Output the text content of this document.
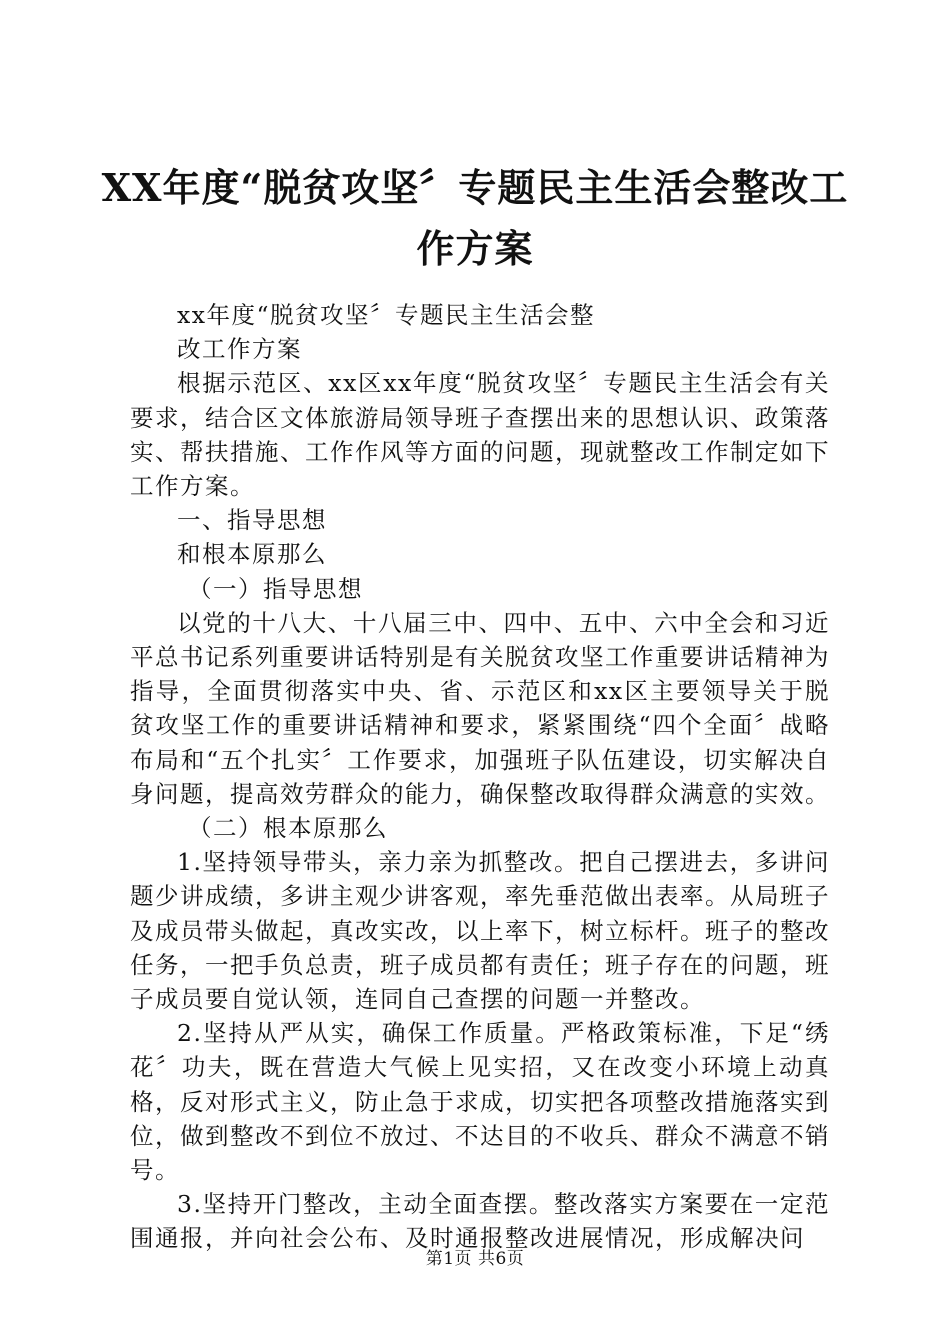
XX年度“脱贫攻坚〞专题民主生活会整改工
作方案

xx年度“脱贫攻坚〞专题民主生活会整

改工作方案

根据示范区、xx区xx年度“脱贫攻坚〞专题民主生活会有关要求，结合区文体旅游局领导班子查摆出来的思想认识、政策落实、帮扶措施、工作作风等方面的问题，现就整改工作制定如下工作方案。

一、指导思想

和根本原那么

（一）指导思想

以党的十八大、十八届三中、四中、五中、六中全会和习近平总书记系列重要讲话特别是有关脱贫攻坚工作重要讲话精神为指导，全面贯彻落实中央、省、示范区和xx区主要领导关于脱贫攻坚工作的重要讲话精神和要求，紧紧围绕“四个全面〞战略布局和“五个扎实〞工作要求，加强班子队伍建设，切实解决自身问题，提高效劳群众的能力，确保整改取得群众满意的实效。

（二）根本原那么

1.坚持领导带头，亲力亲为抓整改。把自己摆进去，多讲问题少讲成绩，多讲主观少讲客观，率先垂范做出表率。从局班子及成员带头做起，真改实改，以上率下，树立标杆。班子的整改任务，一把手负总责，班子成员都有责任；班子存在的问题，班子成员要自觉认领，连同自己查摆的问题一并整改。

2.坚持从严从实，确保工作质量。严格政策标准，下足“绣花〞功夫，既在营造大气候上见实招，又在改变小环境上动真格，反对形式主义，防止急于求成，切实把各项整改措施落实到位，做到整改不到位不放过、不达目的不收兵、群众不满意不销号。

3.坚持开门整改，主动全面查摆。整改落实方案要在一定范围通报，并向社会公布、及时通报整改进展情况，形成解决问

第1页 共6页
